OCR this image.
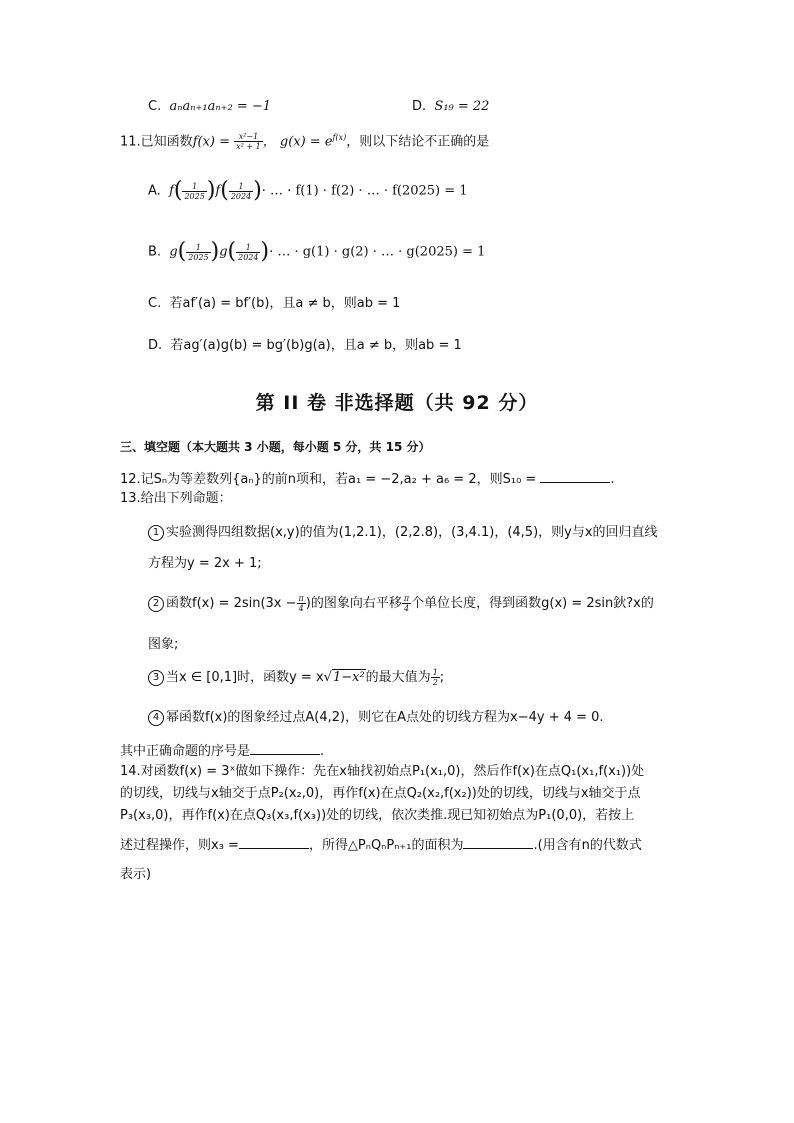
C. aₙaₙ₊₁aₙ₊₂ = −1	D. S₁₉ = 22
11.已知函数$f(x) = \frac{\text{x²−1}}{\text{x² + 1}}$ ， $g(x) = e^{f(x)}$，则以下结论不正确的是
A. $f( \frac{1}{2025} )f( \frac{1}{2024}$ )· … · f(1) · f(2) · … · f(2025) = 1
B. $g( \frac{1}{2025} )g( \frac{1}{2024}$ )· … · g(1) · g(2) · … · g(2025) = 1
C. 若af′(a) = bf′(b)，且a ≠ b，则ab = 1
D. 若ag′(a)g(b) = bg′(b)g(a)，且a ≠ b，则ab = 1
第 II 卷 非选择题（共 92 分）
三、填空题（本大题共 3 小题，每小题 5 分，共 15 分）
12.记Sₙ为等差数列{aₙ}的前n项和，若a₁ = −2,a₂ + a₆ = 2，则S₁₀ =	.
13.给出下列命题：
1 实验测得四组数据(x,y)的值为(1,2.1)，(2,2.8)，(3,4.1)，(4,5)，则y与x的回归直线
方程为y = 2x + 1;
2 函数$f(x) = 2\sin(3x - \frac{\pi}{4}$ )的图象向右平移 $\frac{\pi}{4}$ 个单位长度，得到函数g(x) = 2sin鈥?x的
图象;
3 当x ∈ [0,1]时，函数y = x√1−x²的最大值为 $\frac{1}{2}$ ;
4 幂函数f(x)的图象经过点A(4,2)，则它在A点处的切线方程为x−4y + 4 = 0.
其中正确命题的序号是	.
14.对函数f(x) = 3ˣ做如下操作：先在x轴找初始点P₁(x₁,0)，然后作f(x)在点Q₁(x₁,f(x₁))处
的切线，切线与x轴交于点P₂(x₂,0)，再作f(x)在点Q₂(x₂,f(x₂))处的切线，切线与x轴交于点
P₃(x₃,0)，再作f(x)在点Q₃(x₃,f(x₃))处的切线，依次类推.现已知初始点为P₁(0,0)，若按上
述过程操作，则x₃ =	，所得△PₙQₙPₙ₊₁的面积为	.(用含有n的代数式
表示)
